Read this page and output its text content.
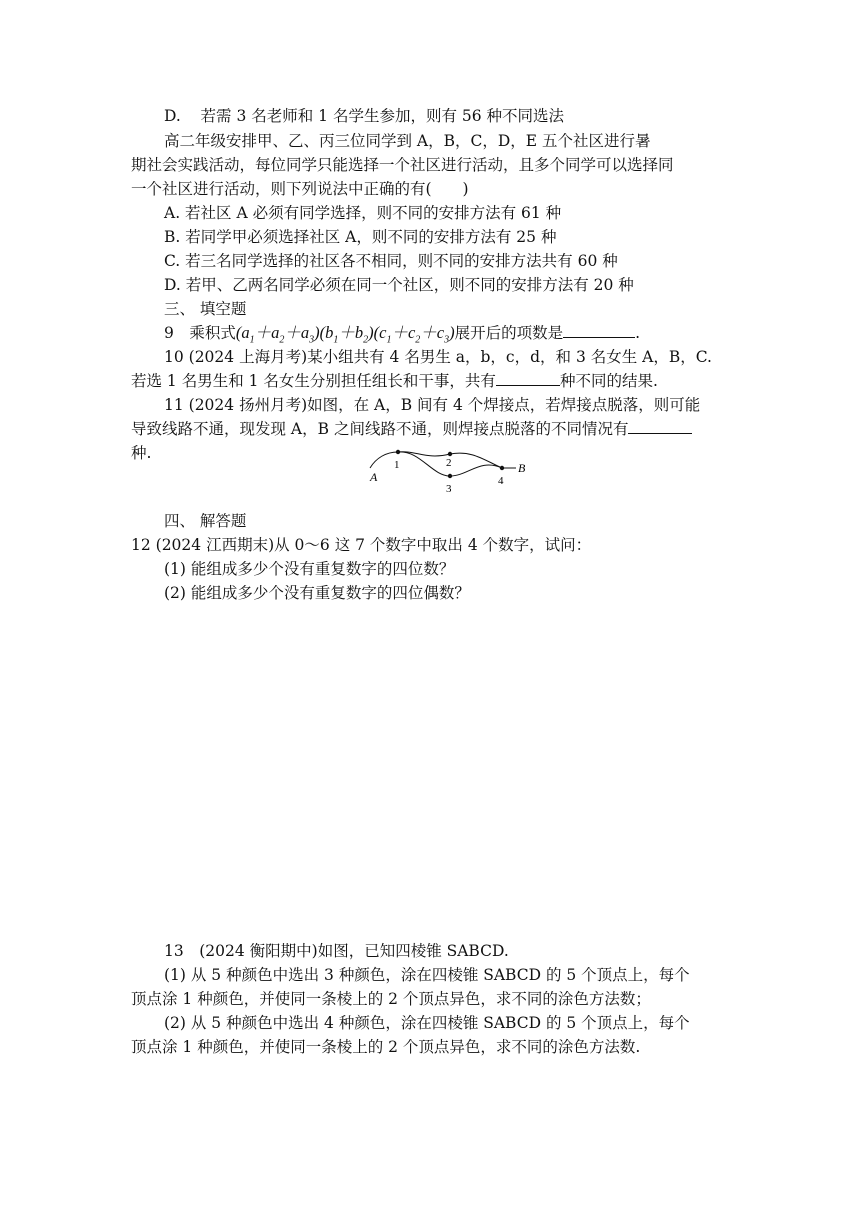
D. 若需 3 名老师和 1 名学生参加，则有 56 种不同选法
高二年级安排甲、乙、丙三位同学到 A，B，C，D，E 五个社区进行暑
期社会实践活动，每位同学只能选择一个社区进行活动，且多个同学可以选择同
一个社区进行活动，则下列说法中正确的有(　　)
A. 若社区 A 必须有同学选择，则不同的安排方法有 61 种
B. 若同学甲必须选择社区 A，则不同的安排方法有 25 种
C. 若三名同学选择的社区各不相同，则不同的安排方法共有 60 种
D. 若甲、乙两名同学必须在同一个社区，则不同的安排方法有 20 种
三、 填空题
9　乘积式$(a_1+a_2+a_3)(b_1+b_2)(c_1+c_2+c_3)$展开后的项数是	.
10 (2024 上海月考)某小组共有 4 名男生 a，b，c，d，和 3 名女生 A，B，C.
若选 1 名男生和 1 名女生分别担任组长和干事，共有	种不同的结果.
11 (2024 扬州月考)如图，在 A，B 间有 4 个焊接点，若焊接点脱落，则可能
导致线路不通，现发现 A，B 之间线路不通，则焊接点脱落的不同情况有
种.
A
B
1	2
3
4
四、 解答题
12 (2024 江西期末)从 0～6 这 7 个数字中取出 4 个数字，试问：
(1) 能组成多少个没有重复数字的四位数？
(2) 能组成多少个没有重复数字的四位偶数？
13　(2024 衡阳期中)如图，已知四棱锥 SABCD.
(1) 从 5 种颜色中选出 3 种颜色，涂在四棱锥 SABCD 的 5 个顶点上，每个
顶点涂 1 种颜色，并使同一条棱上的 2 个顶点异色，求不同的涂色方法数；
(2) 从 5 种颜色中选出 4 种颜色，涂在四棱锥 SABCD 的 5 个顶点上，每个
顶点涂 1 种颜色，并使同一条棱上的 2 个顶点异色，求不同的涂色方法数.
